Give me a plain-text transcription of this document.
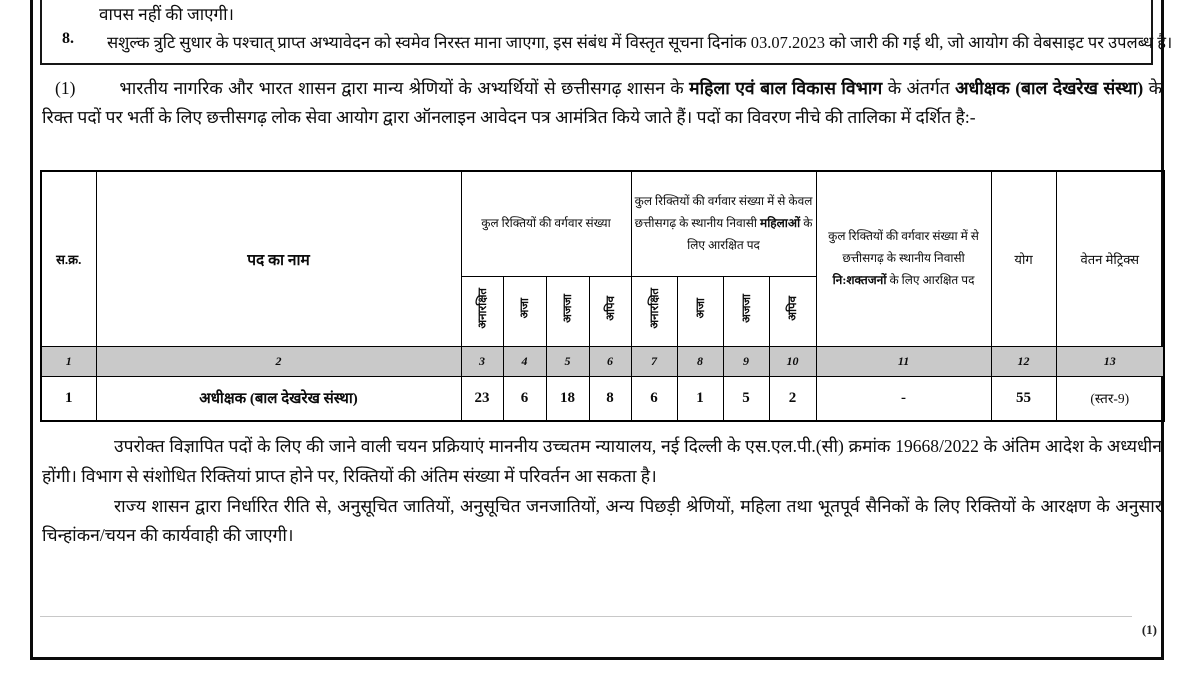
वापस नहीं की जाएगी।
8. सशुल्क त्रुटि सुधार के पश्चात् प्राप्त अभ्यावेदन को स्वमेव निरस्त माना जाएगा, इस संबंध में विस्तृत सूचना दिनांक 03.07.2023 को जारी की गई थी, जो आयोग की वेबसाइट पर उपलब्ध है।
(1)	भारतीय नागरिक और भारत शासन द्वारा मान्य श्रेणियों के अभ्यर्थियों से छत्तीसगढ़ शासन के महिला एवं बाल विकास विभाग के अंतर्गत अधीक्षक (बाल देखरेख संस्था) के रिक्त पदों पर भर्ती के लिए छत्तीसगढ़ लोक सेवा आयोग द्वारा ऑनलाइन आवेदन पत्र आमंत्रित किये जाते हैं। पदों का विवरण नीचे की तालिका में दर्शित है:-
स.क्र.	पद का नाम	कुल रिक्तियों की वर्गवार संख्या				कुल रिक्तियों की वर्गवार संख्या में से केवल छत्तीसगढ़ के स्थानीय निवासी महिलाओं के लिए आरक्षित पद				कुल रिक्तियों की वर्गवार संख्या में से छत्तीसगढ़ के स्थानीय निवासी नि:शक्तजनों के लिए आरक्षित पद	योग	वेतन मेट्रिक्स
		अनारक्षित	अजा	अजजा	अपिव	अनारक्षित	अजा	अजजा	अपिव			
1	2	3	4	5	6	7	8	9	10	11	12	13
1	अधीक्षक (बाल देखरेख संस्था)	23	6	18	8	6	1	5	2	-	55	(स्तर-9)

उपरोक्त विज्ञापित पदों के लिए की जाने वाली चयन प्रक्रियाएं माननीय उच्चतम न्यायालय, नई दिल्ली के एस.एल.पी.(सी) क्रमांक 19668/2022 के अंतिम आदेश के अध्यधीन होंगी। विभाग से संशोधित रिक्तियां प्राप्त होने पर, रिक्तियों की अंतिम संख्या में परिवर्तन आ सकता है।

राज्य शासन द्वारा निर्धारित रीति से, अनुसूचित जातियों, अनुसूचित जनजातियों, अन्य पिछड़ी श्रेणियों, महिला तथा भूतपूर्व सैनिकों के लिए रिक्तियों के आरक्षण के अनुसार चिन्हांकन/चयन की कार्यवाही की जाएगी।

(1)
